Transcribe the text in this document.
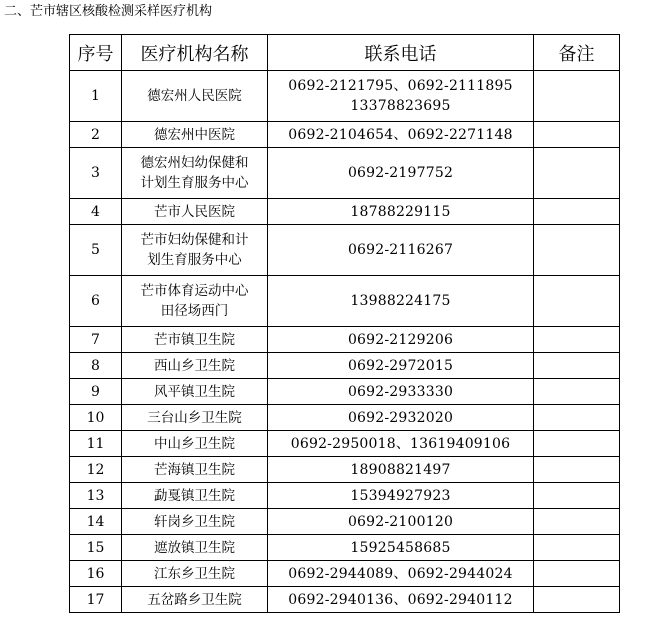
二、芒市辖区核酸检测采样医疗机构
序号	医疗机构名称	联系电话	备注
1	德宏州人民医院	0692-2121795、0692-2111895
13378823695	

2	德宏州中医院	0692-2104654、0692-2271148	

3	德宏州妇幼保健和
计划生育服务中心	0692-2197752	

4	芒市人民医院	18788229115	

5	芒市妇幼保健和计
划生育服务中心	0692-2116267	

6	芒市体育运动中心
田径场西门	13988224175	

7	芒市镇卫生院	0692-2129206	

8	西山乡卫生院	0692-2972015	

9	风平镇卫生院	0692-2933330	

10	三台山乡卫生院	0692-2932020	

11	中山乡卫生院	0692-2950018、13619409106	

12	芒海镇卫生院	18908821497	

13	勐戛镇卫生院	15394927923	

14	轩岗乡卫生院	0692-2100120	

15	遮放镇卫生院	15925458685	

16	江东乡卫生院	0692-2944089、0692-2944024	

17	五岔路乡卫生院	0692-2940136、0692-2940112	
